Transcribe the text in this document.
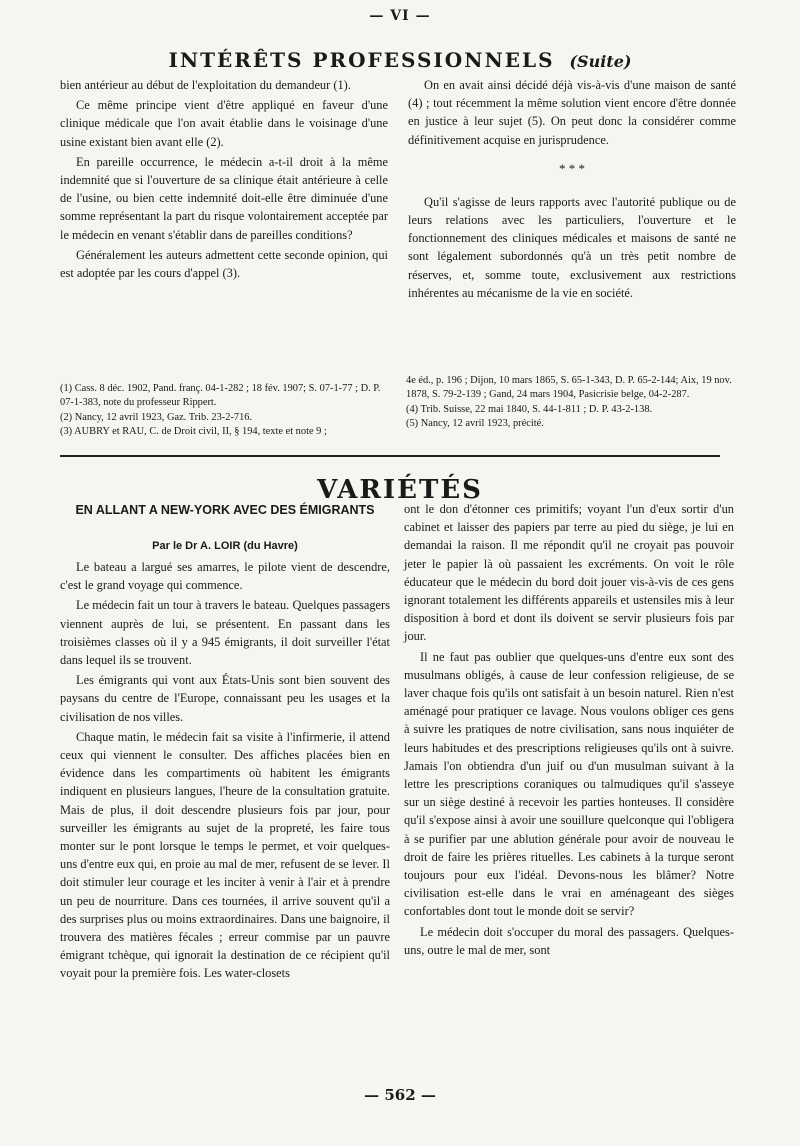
— VI —
INTÉRÊTS PROFESSIONNELS (Suite)

bien antérieur au début de l'exploitation du demandeur (1).

Ce même principe vient d'être appliqué en faveur d'une clinique médicale que l'on avait établie dans le voisinage d'une usine existant bien avant elle (2).

En pareille occurrence, le médecin a-t-il droit à la même indemnité que si l'ouverture de sa clinique était antérieure à celle de l'usine, ou bien cette indemnité doit-elle être diminuée d'une somme représentant la part du risque volontairement acceptée par le médecin en venant s'établir dans de pareilles conditions?

Généralement les auteurs admettent cette seconde opinion, qui est adoptée par les cours d'appel (3).

On en avait ainsi décidé déjà vis-à-vis d'une maison de santé (4) ; tout récemment la même solution vient encore d'être donnée en justice à leur sujet (5). On peut donc la considérer comme définitivement acquise en jurisprudence.

* * *

Qu'il s'agisse de leurs rapports avec l'autorité publique ou de leurs relations avec les particuliers, l'ouverture et le fonctionnement des cliniques médicales et maisons de santé ne sont légalement subordonnés qu'à un très petit nombre de réserves, et, somme toute, exclusivement aux restrictions inhérentes au mécanisme de la vie en société.

(1) Cass. 8 déc. 1902, Pand. franç. 04-1-282 ; 18 fév. 1907; S. 07-1-77 ; D. P. 07-1-383, note du professeur Rippert.
(2) Nancy, 12 avril 1923, Gaz. Trib. 23-2-716.
(3) AUBRY et RAU, C. de Droit civil, II, § 194, texte et note 9 ;
4e éd., p. 196 ; Dijon, 10 mars 1865, S. 65-1-343, D. P. 65-2-144; Aix, 19 nov. 1878, S. 79-2-139 ; Gand, 24 mars 1904, Pasicrisie belge, 04-2-287.
(4) Trib. Suisse, 22 mai 1840, S. 44-1-811 ; D. P. 43-2-138.
(5) Nancy, 12 avril 1923, précité.
VARIÉTÉS
EN ALLANT A NEW-YORK AVEC DES ÉMIGRANTS
Par le Dr A. LOIR (du Havre)

Le bateau a largué ses amarres, le pilote vient de descendre, c'est le grand voyage qui commence.

Le médecin fait un tour à travers le bateau. Quelques passagers viennent auprès de lui, se présentent. En passant dans les troisièmes classes où il y a 945 émigrants, il doit surveiller l'état dans lequel ils se trouvent.

Les émigrants qui vont aux États-Unis sont bien souvent des paysans du centre de l'Europe, connaissant peu les usages et la civilisation de nos villes.

Chaque matin, le médecin fait sa visite à l'infirmerie, il attend ceux qui viennent le consulter. Des affiches placées bien en évidence dans les compartiments où habitent les émigrants indiquent en plusieurs langues, l'heure de la consultation gratuite. Mais de plus, il doit descendre plusieurs fois par jour, pour surveiller les émigrants au sujet de la propreté, les faire tous monter sur le pont lorsque le temps le permet, et voir quelques-uns d'entre eux qui, en proie au mal de mer, refusent de se lever. Il doit stimuler leur courage et les inciter à venir à l'air et à prendre un peu de nourriture. Dans ces tournées, il arrive souvent qu'il a des surprises plus ou moins extraordinaires. Dans une baignoire, il trouvera des matières fécales ; erreur commise par un pauvre émigrant tchèque, qui ignorait la destination de ce récipient qu'il voyait pour la première fois. Les water-closets

ont le don d'étonner ces primitifs; voyant l'un d'eux sortir d'un cabinet et laisser des papiers par terre au pied du siège, je lui en demandai la raison. Il me répondit qu'il ne croyait pas pouvoir jeter le papier là où passaient les excréments. On voit le rôle éducateur que le médecin du bord doit jouer vis-à-vis de ces gens ignorant totalement les différents appareils et ustensiles mis à leur disposition à bord et dont ils doivent se servir plusieurs fois par jour.

Il ne faut pas oublier que quelques-uns d'entre eux sont des musulmans obligés, à cause de leur confession religieuse, de se laver chaque fois qu'ils ont satisfait à un besoin naturel. Rien n'est aménagé pour pratiquer ce lavage. Nous voulons obliger ces gens à suivre les pratiques de notre civilisation, sans nous inquiéter de leurs habitudes et des prescriptions religieuses qu'ils ont à suivre. Jamais l'on obtiendra d'un juif ou d'un musulman suivant à la lettre les prescriptions coraniques ou talmudiques qu'il s'asseye sur un siège destiné à recevoir les parties honteuses. Il considère qu'il s'expose ainsi à avoir une souillure quelconque qui l'obligera à se purifier par une ablution générale pour avoir de nouveau le droit de faire les prières rituelles. Les cabinets à la turque seront toujours pour eux l'idéal. Devons-nous les blâmer? Notre civilisation est-elle dans le vrai en aménageant des sièges confortables dont tout le monde doit se servir?

Le médecin doit s'occuper du moral des passagers. Quelques-uns, outre le mal de mer, sont

— 562 —
